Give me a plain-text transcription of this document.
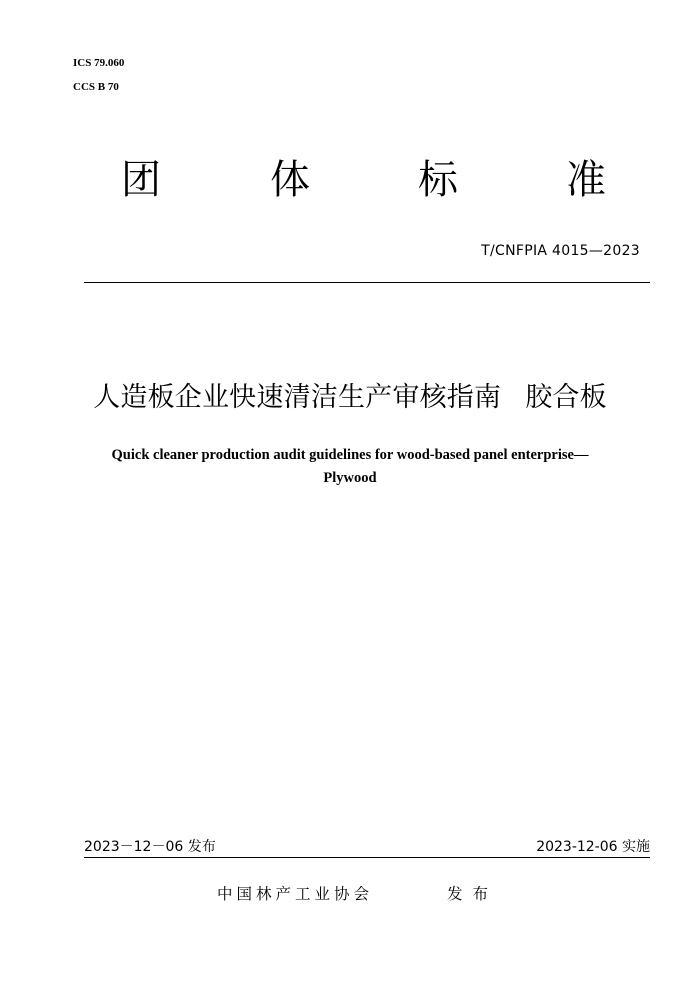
ICS 79.060
CCS B 70
团	体	标	准
T/CNFPIA 4015—2023
人造板企业快速清洁生产审核指南 胶合板
Quick cleaner production audit guidelines for wood-based panel enterprise—
Plywood
2023－12－06 发布	2023-12-06 实施
中国林产工业协会	发布
